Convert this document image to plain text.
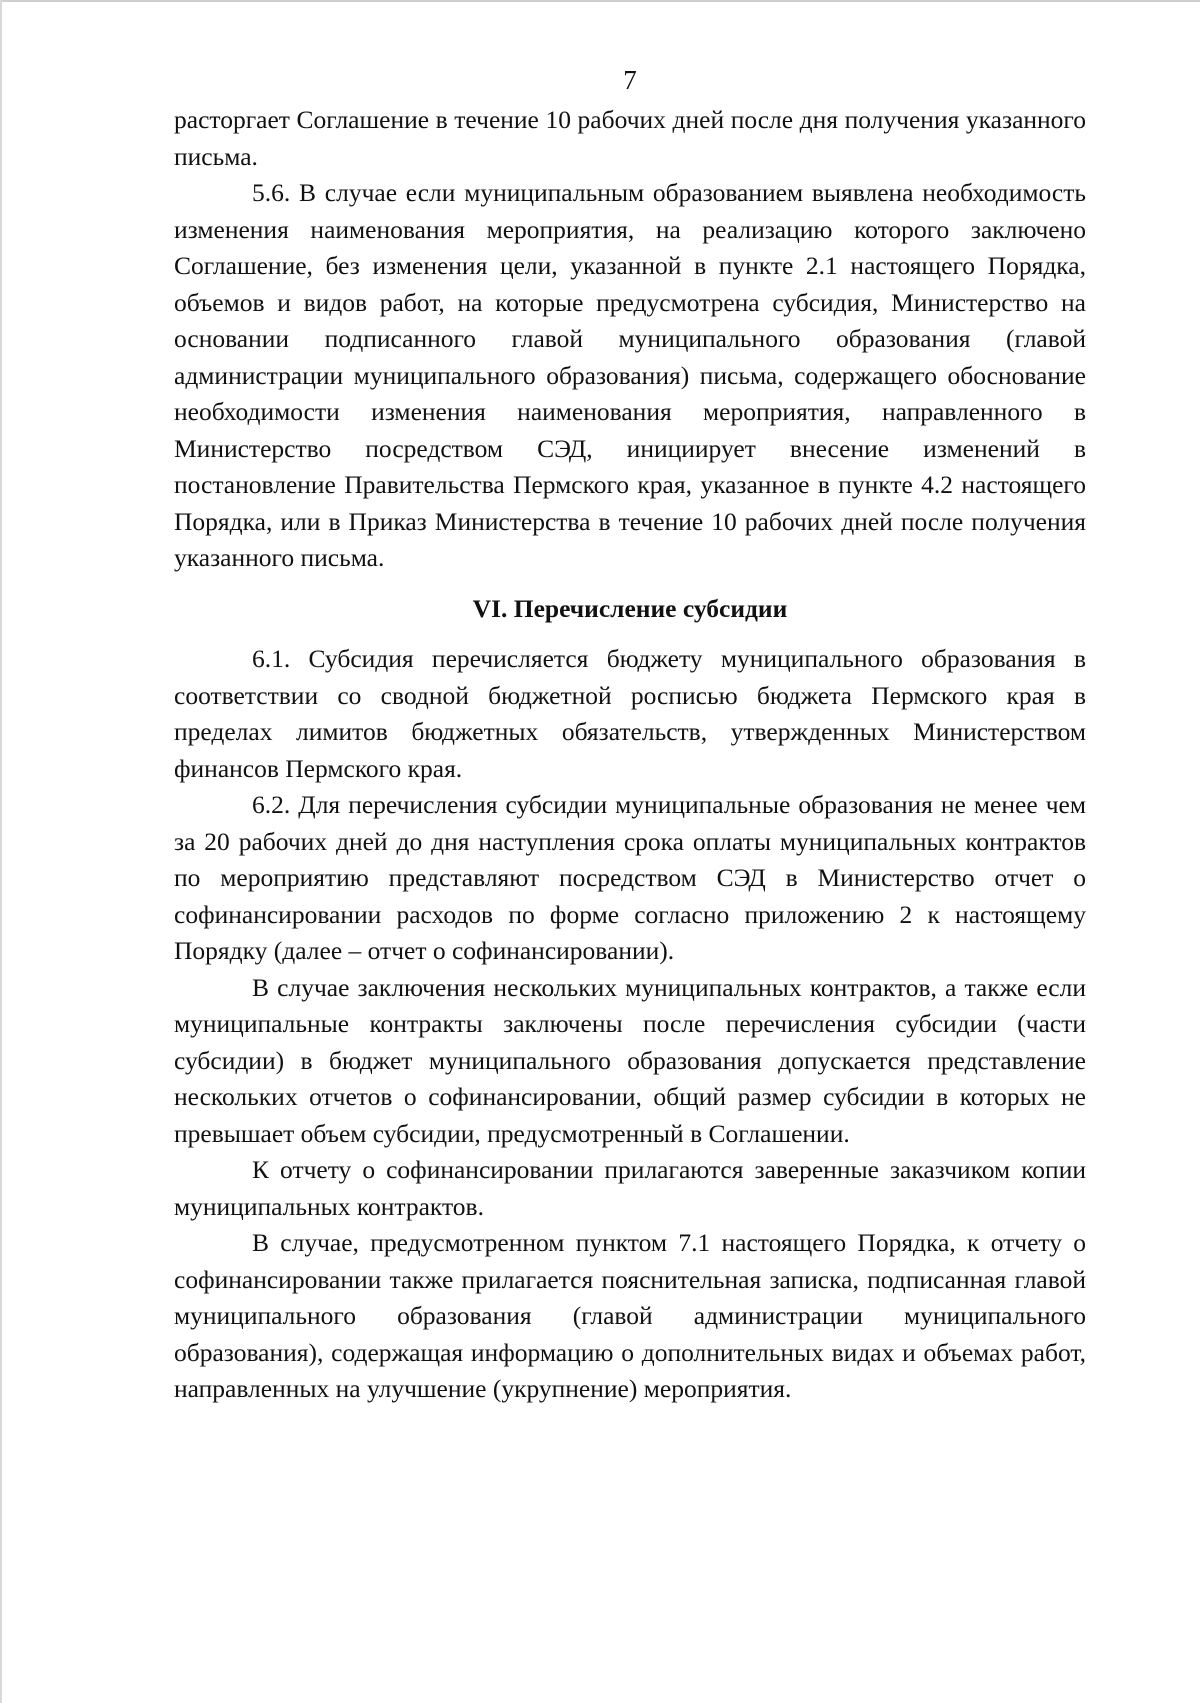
7

расторгает Соглашение в течение 10 рабочих дней после дня получения указанного письма.

5.6. В случае если муниципальным образованием выявлена необходимость изменения наименования мероприятия, на реализацию которого заключено Соглашение, без изменения цели, указанной в пункте 2.1 настоящего Порядка, объемов и видов работ, на которые предусмотрена субсидия, Министерство на основании подписанного главой муниципального образования (главой администрации муниципального образования) письма, содержащего обоснование необходимости изменения наименования мероприятия, направленного в Министерство посредством СЭД, инициирует внесение изменений в постановление Правительства Пермского края, указанное в пункте 4.2 настоящего Порядка, или в Приказ Министерства в течение 10 рабочих дней после получения указанного письма.

VI. Перечисление субсидии

6.1. Субсидия перечисляется бюджету муниципального образования в соответствии со сводной бюджетной росписью бюджета Пермского края в пределах лимитов бюджетных обязательств, утвержденных Министерством финансов Пермского края.

6.2. Для перечисления субсидии муниципальные образования не менее чем за 20 рабочих дней до дня наступления срока оплаты муниципальных контрактов по мероприятию представляют посредством СЭД в Министерство отчет о софинансировании расходов по форме согласно приложению 2 к настоящему Порядку (далее – отчет о софинансировании).

В случае заключения нескольких муниципальных контрактов, а также если муниципальные контракты заключены после перечисления субсидии (части субсидии) в бюджет муниципального образования допускается представление нескольких отчетов о софинансировании, общий размер субсидии в которых не превышает объем субсидии, предусмотренный в Соглашении.

К отчету о софинансировании прилагаются заверенные заказчиком копии муниципальных контрактов.

В случае, предусмотренном пунктом 7.1 настоящего Порядка, к отчету о софинансировании также прилагается пояснительная записка, подписанная главой муниципального образования (главой администрации муниципального образования), содержащая информацию о дополнительных видах и объемах работ, направленных на улучшение (укрупнение) мероприятия.
